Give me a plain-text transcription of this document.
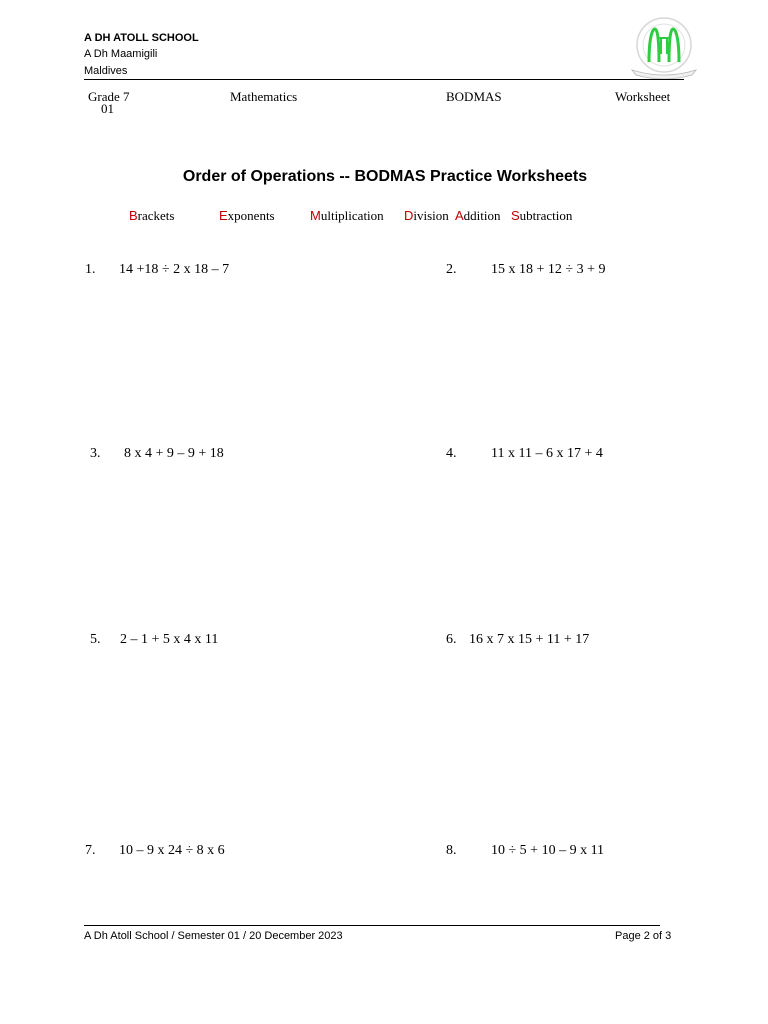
A DH ATOLL SCHOOL
A Dh Maamigili
Maldives
Grade 7
01
Mathematics	BODMAS	Worksheet
Order of Operations -- BODMAS Practice Worksheets
Brackets	Exponents	Multiplication Division Addition Subtraction
1. 14 +18 ÷ 2 x 18 – 7	2. 15 x 18 + 12 ÷ 3 + 9
3. 8 x 4 + 9 – 9 + 18	4. 11 x 11 – 6 x 17 + 4
5. 2 – 1 + 5 x 4 x 11	6. 16 x 7 x 15 + 11 + 17
7. 10 – 9 x 24 ÷ 8 x 6	8. 10 ÷ 5 + 10 – 9 x 11
A Dh Atoll School / Semester 01 / 20 December 2023	Page 2 of 3
